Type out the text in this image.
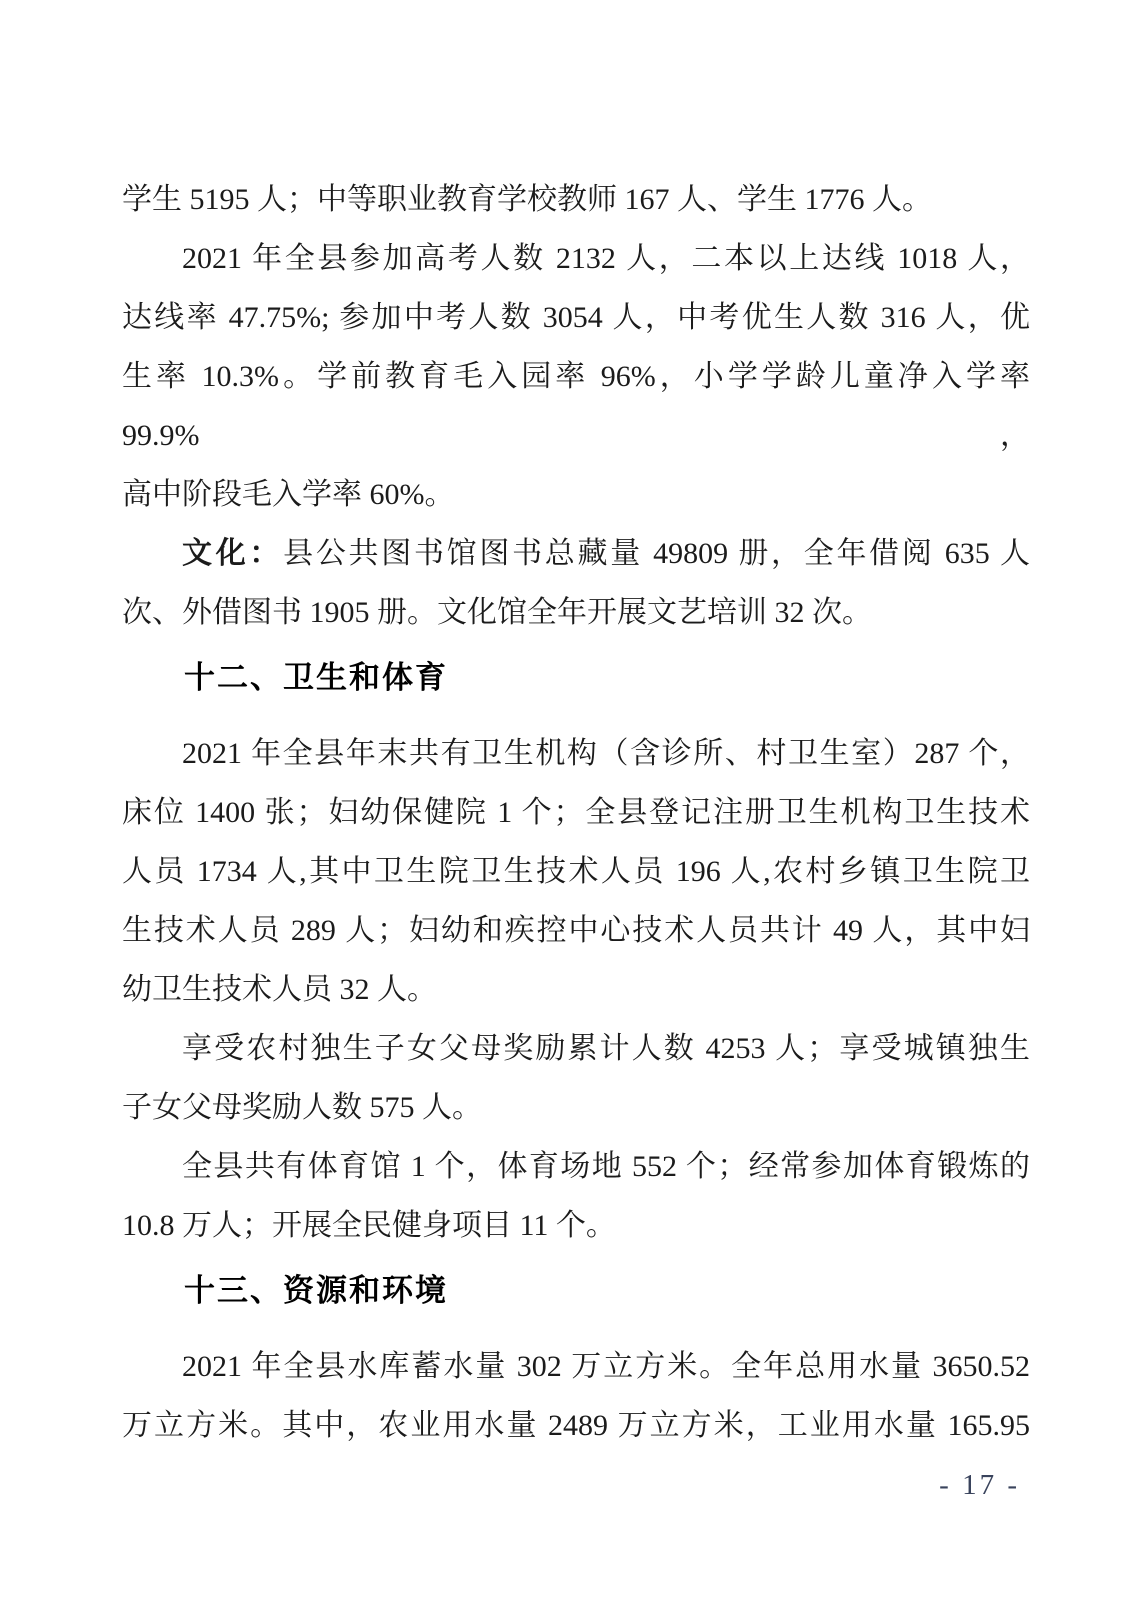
学生 5195 人；中等职业教育学校教师 167 人、学生 1776 人。
2021 年全县参加高考人数 2132 人，二本以上达线 1018 人，
达线率 47.75%; 参加中考人数 3054 人，中考优生人数 316 人，优
生率 10.3%。学前教育毛入园率 96%，小学学龄儿童净入学率 99.9%，
高中阶段毛入学率 60%。
文化：县公共图书馆图书总藏量 49809 册，全年借阅 635 人
次、外借图书 1905 册。文化馆全年开展文艺培训 32 次。
十二、卫生和体育
2021 年全县年末共有卫生机构（含诊所、村卫生室）287 个，
床位 1400 张；妇幼保健院 1 个；全县登记注册卫生机构卫生技术
人员 1734 人,其中卫生院卫生技术人员 196 人,农村乡镇卫生院卫
生技术人员 289 人；妇幼和疾控中心技术人员共计 49 人，其中妇
幼卫生技术人员 32 人。
享受农村独生子女父母奖励累计人数 4253 人；享受城镇独生
子女父母奖励人数 575 人。
全县共有体育馆 1 个，体育场地 552 个；经常参加体育锻炼的
10.8 万人；开展全民健身项目 11 个。
十三、资源和环境
2021 年全县水库蓄水量 302 万立方米。全年总用水量 3650.52
万立方米。其中，农业用水量 2489 万立方米，工业用水量 165.95
- 17 -
